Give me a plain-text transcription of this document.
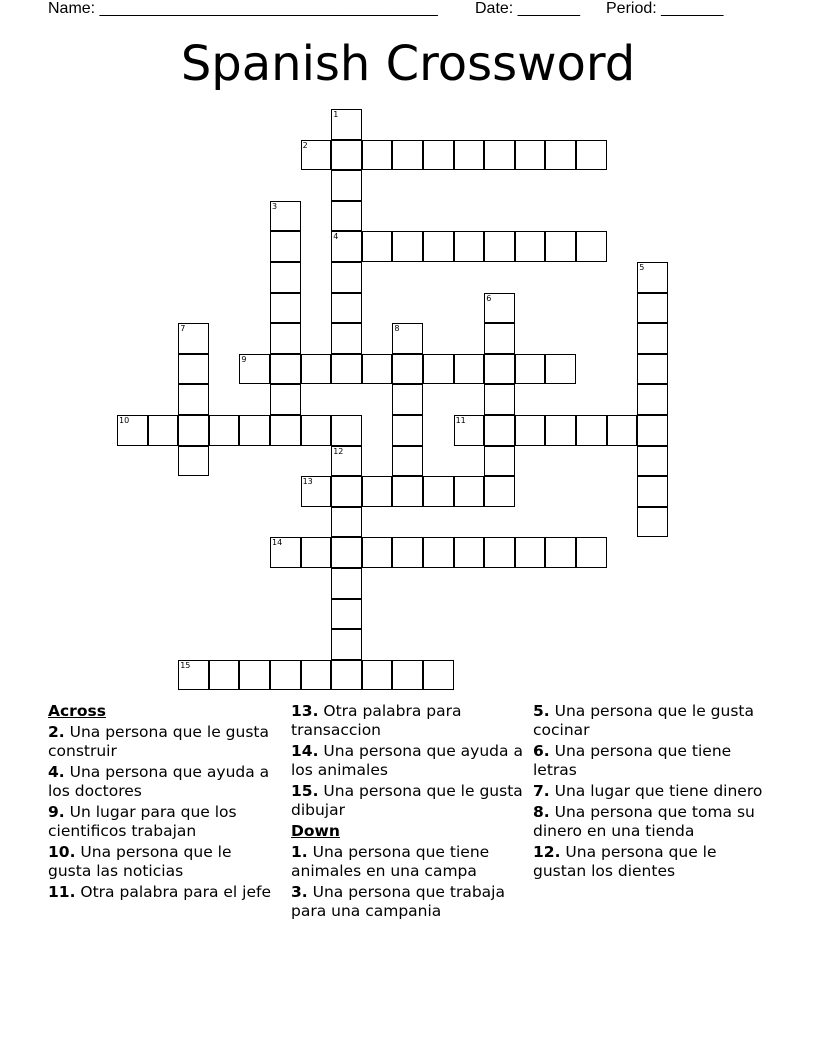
Name: ______________________________________ Date: _______ Period: _______
Spanish Crossword
1
4
2
3
5
6
7	8
9
10	11
12
13
14
15
Across
2. Una persona que le gusta construir
4. Una persona que ayuda a los doctores
9. Un lugar para que los cientificos trabajan
10. Una persona que le gusta las noticias
11. Otra palabra para el jefe
13. Otra palabra para transaccion
14. Una persona que ayuda a los animales
15. Una persona que le gusta dibujar
Down
1. Una persona que tiene animales en una campa
3. Una persona que trabaja para una campania
5. Una persona que le gusta cocinar
6. Una persona que tiene letras
7. Una lugar que tiene dinero
8. Una persona que toma su dinero en una tienda
12. Una persona que le gustan los dientes
